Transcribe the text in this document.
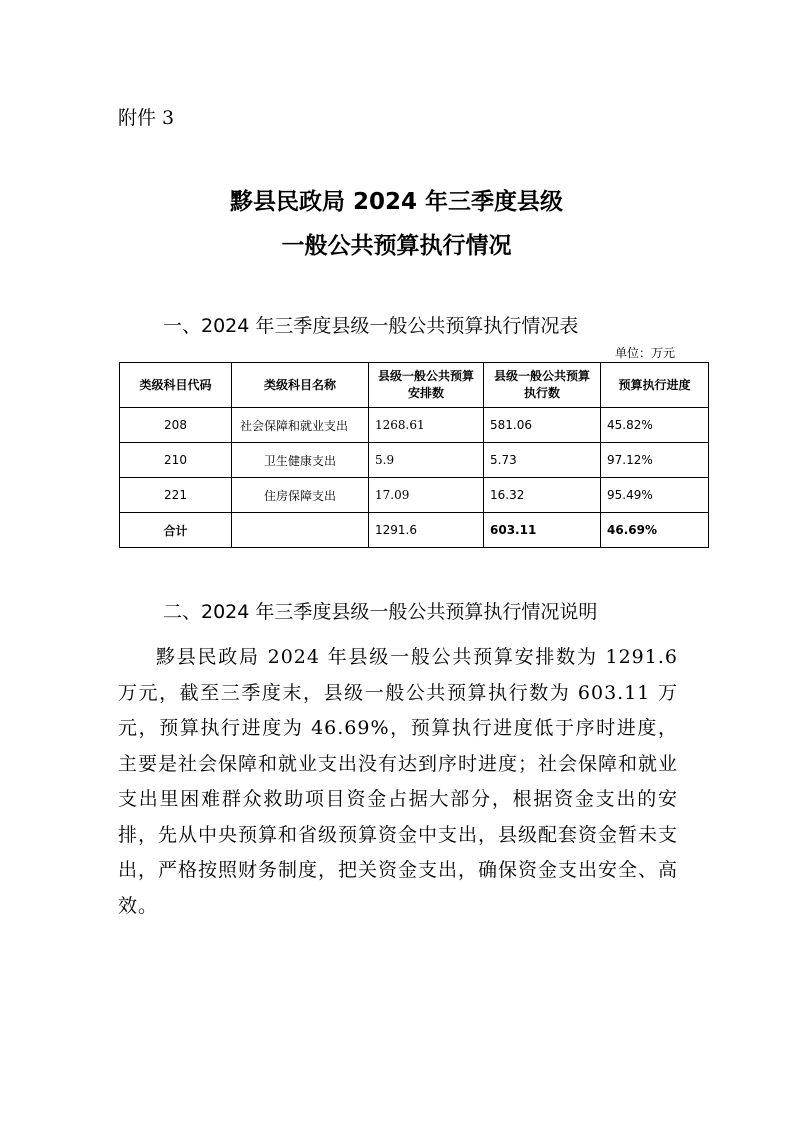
附件 3
黟县民政局 2024 年三季度县级
一般公共预算执行情况
一、2024 年三季度县级一般公共预算执行情况表
单位：万元
类级科目代码	类级科目名称	县级一般公共预算安排数	县级一般公共预算执行数	预算执行进度
208	社会保障和就业支出	1268.61	581.06	45.82%
210	卫生健康支出	5.9	5.73	97.12%
221	住房保障支出	17.09	16.32	95.49%
合计		1291.6	603.11	46.69%
二、2024 年三季度县级一般公共预算执行情况说明
黟县民政局 2024 年县级一般公共预算安排数为 1291.6 万元，截至三季度末，县级一般公共预算执行数为 603.11 万元，预算执行进度为 46.69%，预算执行进度低于序时进度，主要是社会保障和就业支出没有达到序时进度；社会保障和就业支出里困难群众救助项目资金占据大部分，根据资金支出的安排，先从中央预算和省级预算资金中支出，县级配套资金暂未支出，严格按照财务制度，把关资金支出，确保资金支出安全、高效。
